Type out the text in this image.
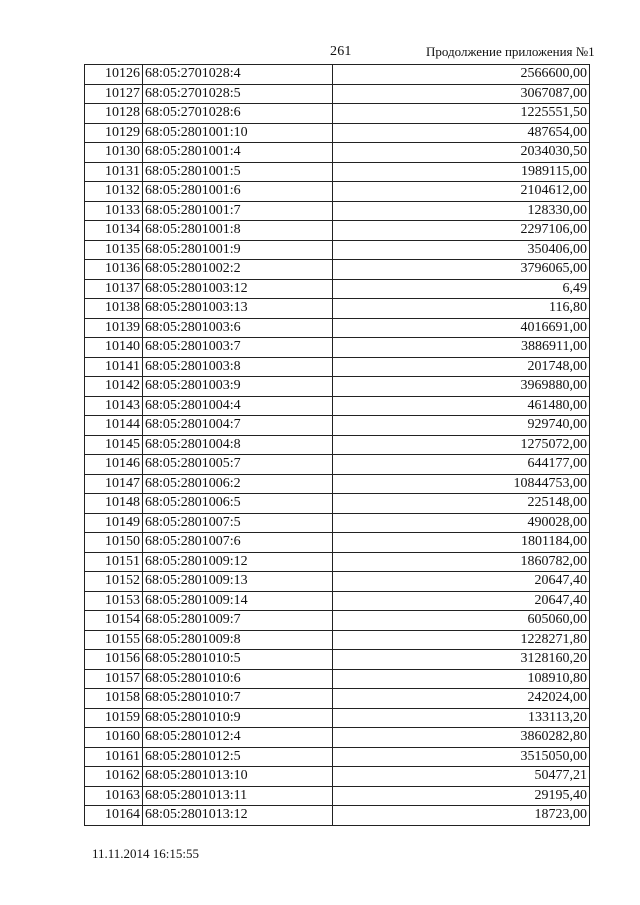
261	Продолжение приложения №1
10126	68:05:2701028:4	2566600,00
10127	68:05:2701028:5	3067087,00
10128	68:05:2701028:6	1225551,50
10129	68:05:2801001:10	487654,00
10130	68:05:2801001:4	2034030,50
10131	68:05:2801001:5	1989115,00
10132	68:05:2801001:6	2104612,00
10133	68:05:2801001:7	128330,00
10134	68:05:2801001:8	2297106,00
10135	68:05:2801001:9	350406,00
10136	68:05:2801002:2	3796065,00
10137	68:05:2801003:12	6,49
10138	68:05:2801003:13	116,80
10139	68:05:2801003:6	4016691,00
10140	68:05:2801003:7	3886911,00
10141	68:05:2801003:8	201748,00
10142	68:05:2801003:9	3969880,00
10143	68:05:2801004:4	461480,00
10144	68:05:2801004:7	929740,00
10145	68:05:2801004:8	1275072,00
10146	68:05:2801005:7	644177,00
10147	68:05:2801006:2	10844753,00
10148	68:05:2801006:5	225148,00
10149	68:05:2801007:5	490028,00
10150	68:05:2801007:6	1801184,00
10151	68:05:2801009:12	1860782,00
10152	68:05:2801009:13	20647,40
10153	68:05:2801009:14	20647,40
10154	68:05:2801009:7	605060,00
10155	68:05:2801009:8	1228271,80
10156	68:05:2801010:5	3128160,20
10157	68:05:2801010:6	108910,80
10158	68:05:2801010:7	242024,00
10159	68:05:2801010:9	133113,20
10160	68:05:2801012:4	3860282,80
10161	68:05:2801012:5	3515050,00
10162	68:05:2801013:10	50477,21
10163	68:05:2801013:11	29195,40
10164	68:05:2801013:12	18723,00
11.11.2014 16:15:55
